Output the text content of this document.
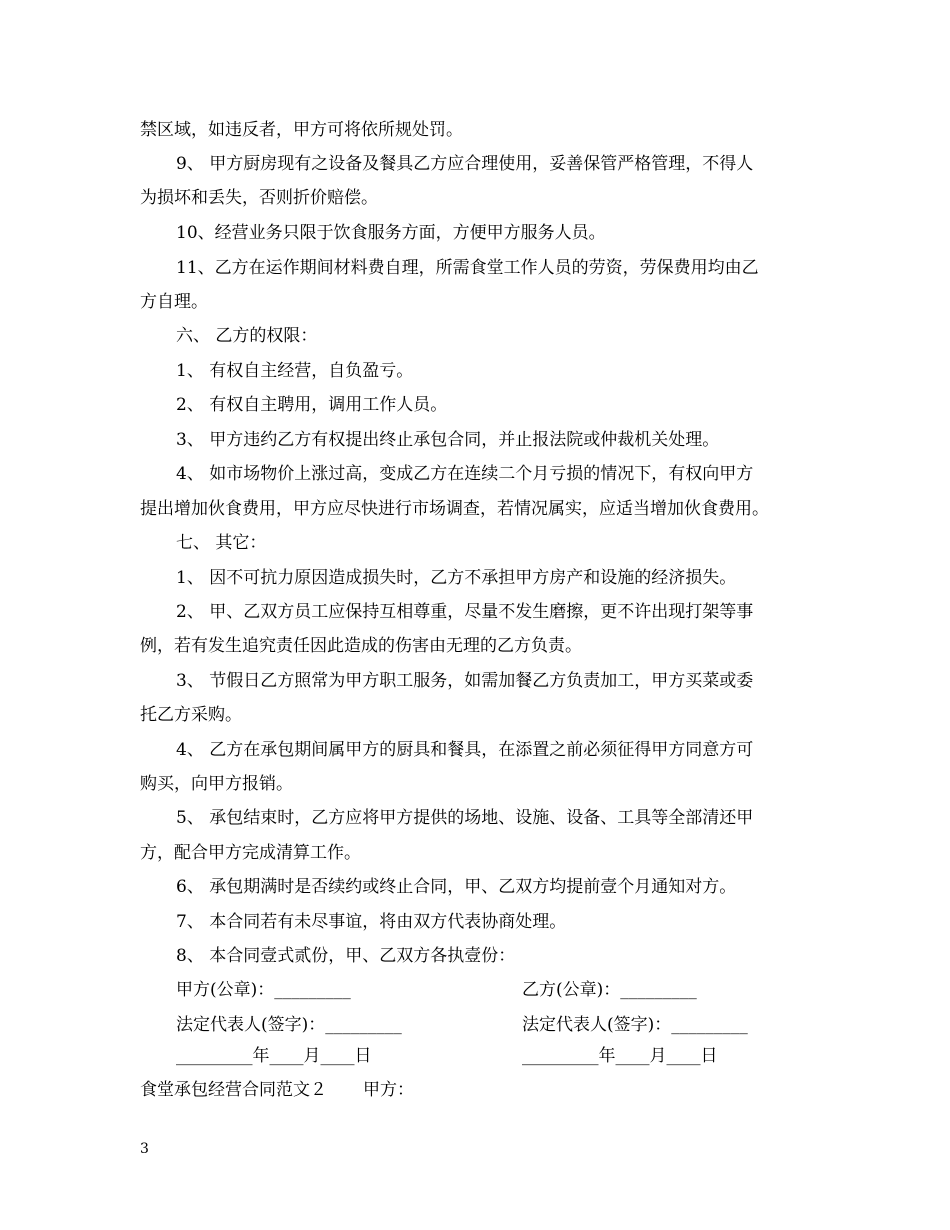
禁区域，如违反者，甲方可将依所规处罚。
9、 甲方厨房现有之设备及餐具乙方应合理使用，妥善保管严格管理，不得人
为损坏和丢失，否则折价赔偿。
10、经营业务只限于饮食服务方面，方便甲方服务人员。
11、乙方在运作期间材料费自理，所需食堂工作人员的劳资，劳保费用均由乙
方自理。
六、 乙方的权限：
1、 有权自主经营，自负盈亏。
2、 有权自主聘用，调用工作人员。
3、 甲方违约乙方有权提出终止承包合同，并止报法院或仲裁机关处理。
4、 如市场物价上涨过高，变成乙方在连续二个月亏损的情况下，有权向甲方
提出增加伙食费用，甲方应尽快进行市场调查，若情况属实，应适当增加伙食费用。
七、 其它：
1、 因不可抗力原因造成损失时，乙方不承担甲方房产和设施的经济损失。
2、 甲、乙双方员工应保持互相尊重，尽量不发生磨擦，更不许出现打架等事
例，若有发生追究责任因此造成的伤害由无理的乙方负责。
3、 节假日乙方照常为甲方职工服务，如需加餐乙方负责加工，甲方买菜或委
托乙方采购。
4、 乙方在承包期间属甲方的厨具和餐具，在添置之前必须征得甲方同意方可
购买，向甲方报销。
5、 承包结束时，乙方应将甲方提供的场地、设施、设备、工具等全部清还甲
方，配合甲方完成清算工作。
6、 承包期满时是否续约或终止合同，甲、乙双方均提前壹个月通知对方。
7、 本合同若有未尽事谊，将由双方代表协商处理。
8、 本合同壹式贰份，甲、乙双方各执壹份：
甲方(公章)：_________	乙方(公章)：_________
法定代表人(签字)：_________	法定代表人(签字)：_________
_________年____月____日	_________年____月____日
食堂承包经营合同范文２ 甲方：
3
